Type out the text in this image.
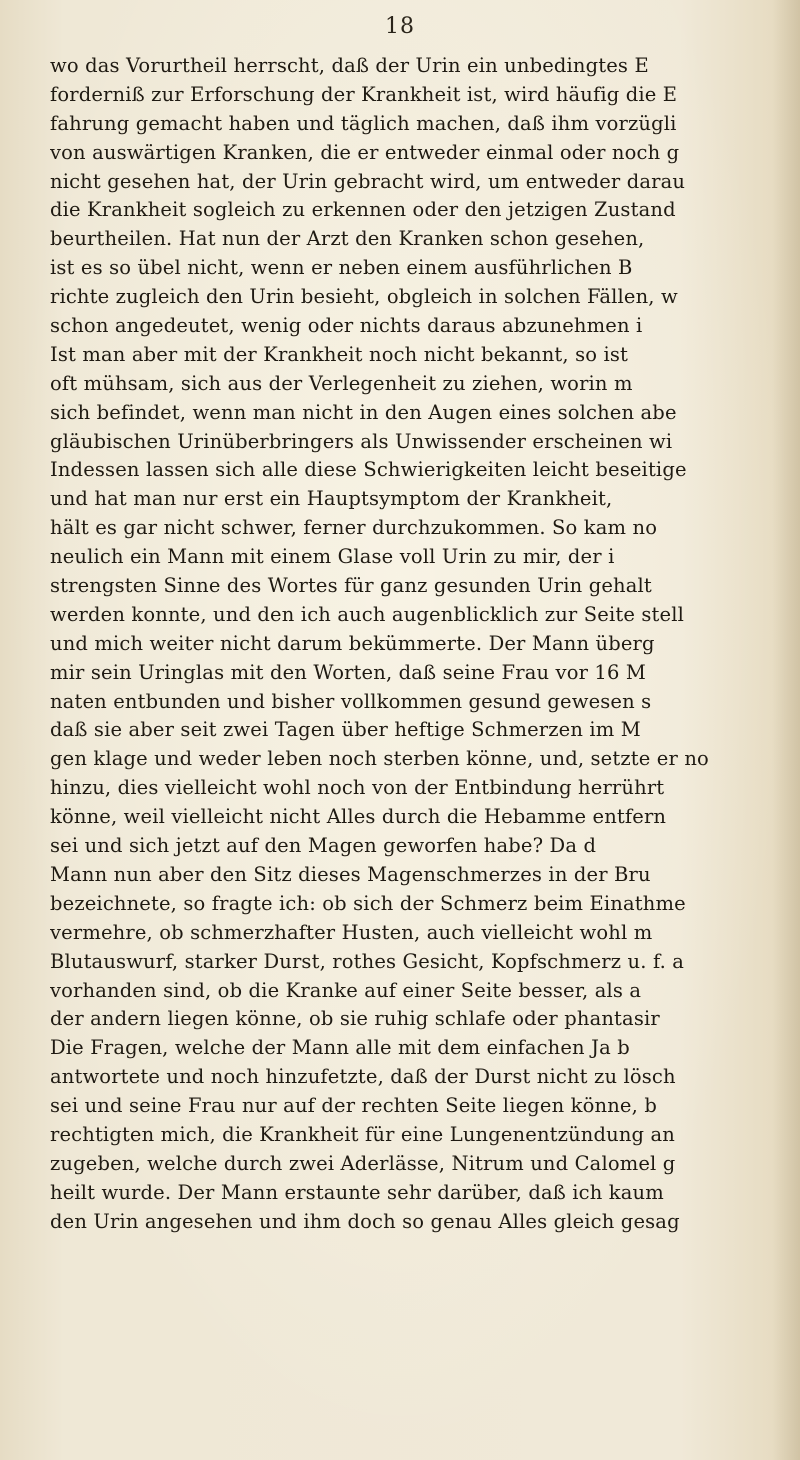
18
wo das Vorurtheil herrscht, daß der Urin ein unbedingtes E
forderniß zur Erforschung der Krankheit ist, wird häufig die E
fahrung gemacht haben und täglich machen, daß ihm vorzügli
von auswärtigen Kranken, die er entweder einmal oder noch g
nicht gesehen hat, der Urin gebracht wird, um entweder darau
die Krankheit sogleich zu erkennen oder den jetzigen Zustand
beurtheilen. Hat nun der Arzt den Kranken schon gesehen,
ist es so übel nicht, wenn er neben einem ausführlichen B
richte zugleich den Urin besieht, obgleich in solchen Fällen, w
schon angedeutet, wenig oder nichts daraus abzunehmen i
Ist man aber mit der Krankheit noch nicht bekannt, so ist
oft mühsam, sich aus der Verlegenheit zu ziehen, worin m
sich befindet, wenn man nicht in den Augen eines solchen abe
gläubischen Urinüberbringers als Unwissender erscheinen wi
Indessen lassen sich alle diese Schwierigkeiten leicht beseitige
und hat man nur erst ein Hauptsymptom der Krankheit,
hält es gar nicht schwer, ferner durchzukommen. So kam no
neulich ein Mann mit einem Glase voll Urin zu mir, der i
strengsten Sinne des Wortes für ganz gesunden Urin gehalt
werden konnte, und den ich auch augenblicklich zur Seite stell
und mich weiter nicht darum bekümmerte. Der Mann überg
mir sein Uringlas mit den Worten, daß seine Frau vor 16 M
naten entbunden und bisher vollkommen gesund gewesen s
daß sie aber seit zwei Tagen über heftige Schmerzen im M
gen klage und weder leben noch sterben könne, und, setzte er no
hinzu, dies vielleicht wohl noch von der Entbindung herrührt
könne, weil vielleicht nicht Alles durch die Hebamme entfern
sei und sich jetzt auf den Magen geworfen habe? Da d
Mann nun aber den Sitz dieses Magenschmerzes in der Bru
bezeichnete, so fragte ich: ob sich der Schmerz beim Einathme
vermehre, ob schmerzhafter Husten, auch vielleicht wohl m
Blutauswurf, starker Durst, rothes Gesicht, Kopfschmerz u. f. a
vorhanden sind, ob die Kranke auf einer Seite besser, als a
der andern liegen könne, ob sie ruhig schlafe oder phantasir
Die Fragen, welche der Mann alle mit dem einfachen Ja b
antwortete und noch hinzufetzte, daß der Durst nicht zu lösch
sei und seine Frau nur auf der rechten Seite liegen könne, b
rechtigten mich, die Krankheit für eine Lungenentzündung an
zugeben, welche durch zwei Aderlässe, Nitrum und Calomel g
heilt wurde. Der Mann erstaunte sehr darüber, daß ich kaum
den Urin angesehen und ihm doch so genau Alles gleich gesag
